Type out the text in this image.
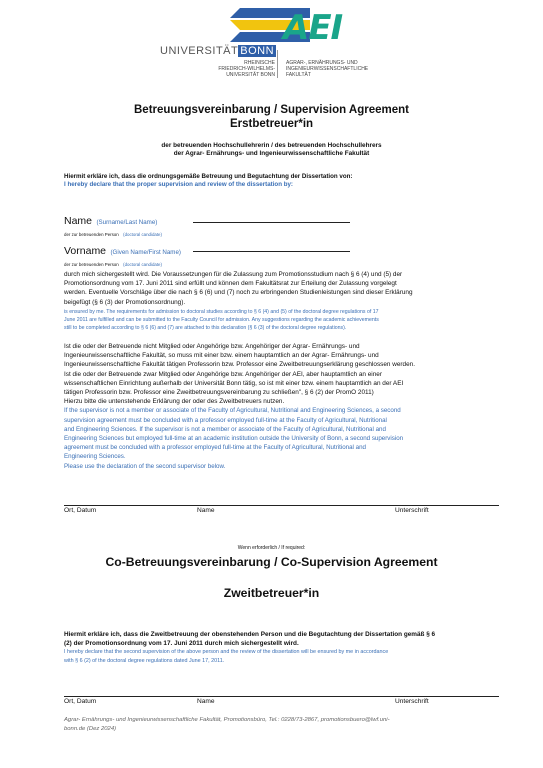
UNIVERSITÄT BONN
RHEINISCHE
FRIEDRICH-WILHELMS-
UNIVERSITÄT BONN
AEI
AGRAR-, ERNÄHRUNGS- UND
INGENIEURWISSENSCHAFTLICHE
FAKULTÄT
Betreuungsvereinbarung / Supervision Agreement
Erstbetreuer*in
der betreuenden Hochschullehrerin / des betreuenden Hochschullehrers
der Agrar- Ernährungs- und Ingenieurwissenschaftliche Fakultät
Hiermit erkläre ich, dass die ordnungsgemäße Betreuung und Begutachtung der Dissertation von:
I hereby declare that the proper supervision and review of the dissertation by:
Name (Surname/Last Name)
der zur betreuenden Person (doctoral candidate)
Vorname (Given Name/First Name)
der zur betreuenden Person (doctoral candidate)
durch mich sichergestellt wird. Die Voraussetzungen für die Zulassung zum Promotionsstudium nach § 6 (4) und (5) der
Promotionsordnung vom 17. Juni 2011 sind erfüllt und können dem Fakultätsrat zur Erteilung der Zulassung vorgelegt
werden. Eventuelle Vorschläge über die nach § 6 (6) und (7) noch zu erbringenden Studienleistungen sind dieser Erklärung
beigefügt (§ 6 (3) der Promotionsordnung).
is ensured by me. The requirements for admission to doctoral studies according to § 6 (4) and (5) of the doctoral degree regulations of 17
June 2011 are fulfilled and can be submitted to the Faculty Council for admission. Any suggestions regarding the academic achievements
still to be completed according to § 6 (6) and (7) are attached to this declaration (§ 6 (3) of the doctoral degree regulations).
Ist die oder der Betreuende nicht Mitglied oder Angehörige bzw. Angehöriger der Agrar- Ernährungs- und
Ingenieurwissenschaftliche Fakultät, so muss mit einer bzw. einem hauptamtlich an der Agrar- Ernährungs- und
Ingenieurwissenschaftliche Fakultät tätigen Professorin bzw. Professor eine Zweitbetreuungserklärung geschlossen werden.
Ist die oder der Betreuende zwar Mitglied oder Angehörige bzw. Angehöriger der AEI, aber hauptamtlich an einer
wissenschaftlichen Einrichtung außerhalb der Universität Bonn tätig, so ist mit einer bzw. einem hauptamtlich an der AEI
tätigen Professorin bzw. Professor eine Zweitbetreuungsvereinbarung zu schließen", § 6 (2) der PromO 2011)
Hierzu bitte die untenstehende Erklärung der oder des Zweitbetreuers nutzen.
If the supervisor is not a member or associate of the Faculty of Agricultural, Nutritional and Engineering Sciences, a second
supervision agreement must be concluded with a professor employed full-time at the Faculty of Agricultural, Nutritional
and Engineering Sciences. If the supervisor is not a member or associate of the Faculty of Agricultural, Nutritional and
Engineering Sciences but employed full-time at an academic institution outside the University of Bonn, a second supervision
agreement must be concluded with a professor employed full-time at the Faculty of Agricultural, Nutritional and
Engineering Sciences.
Please use the declaration of the second supervisor below.
Ort, Datum	Name	Unterschrift
Wenn erforderlich / If required:
Co-Betreuungsvereinbarung / Co-Supervision Agreement
Zweitbetreuer*in
Hiermit erkläre ich, dass die Zweitbetreuung der obenstehenden Person und die Begutachtung der Dissertation gemäß § 6
(2) der Promotionsordnung vom 17. Juni 2011 durch mich sichergestellt wird.
I hereby declare that the second supervision of the above person and the review of the dissertation will be ensured by me in accordance
with § 6 (2) of the doctoral degree regulations dated June 17, 2011.
Ort, Datum	Name	Unterschrift
Agrar- Ernährungs- und Ingenieurwissenschaftliche Fakultät, Promotionsbüro, Tel.: 0228/73-2867, promotionsbuero@lwf.uni-
bonn.de (Dez 2024)
